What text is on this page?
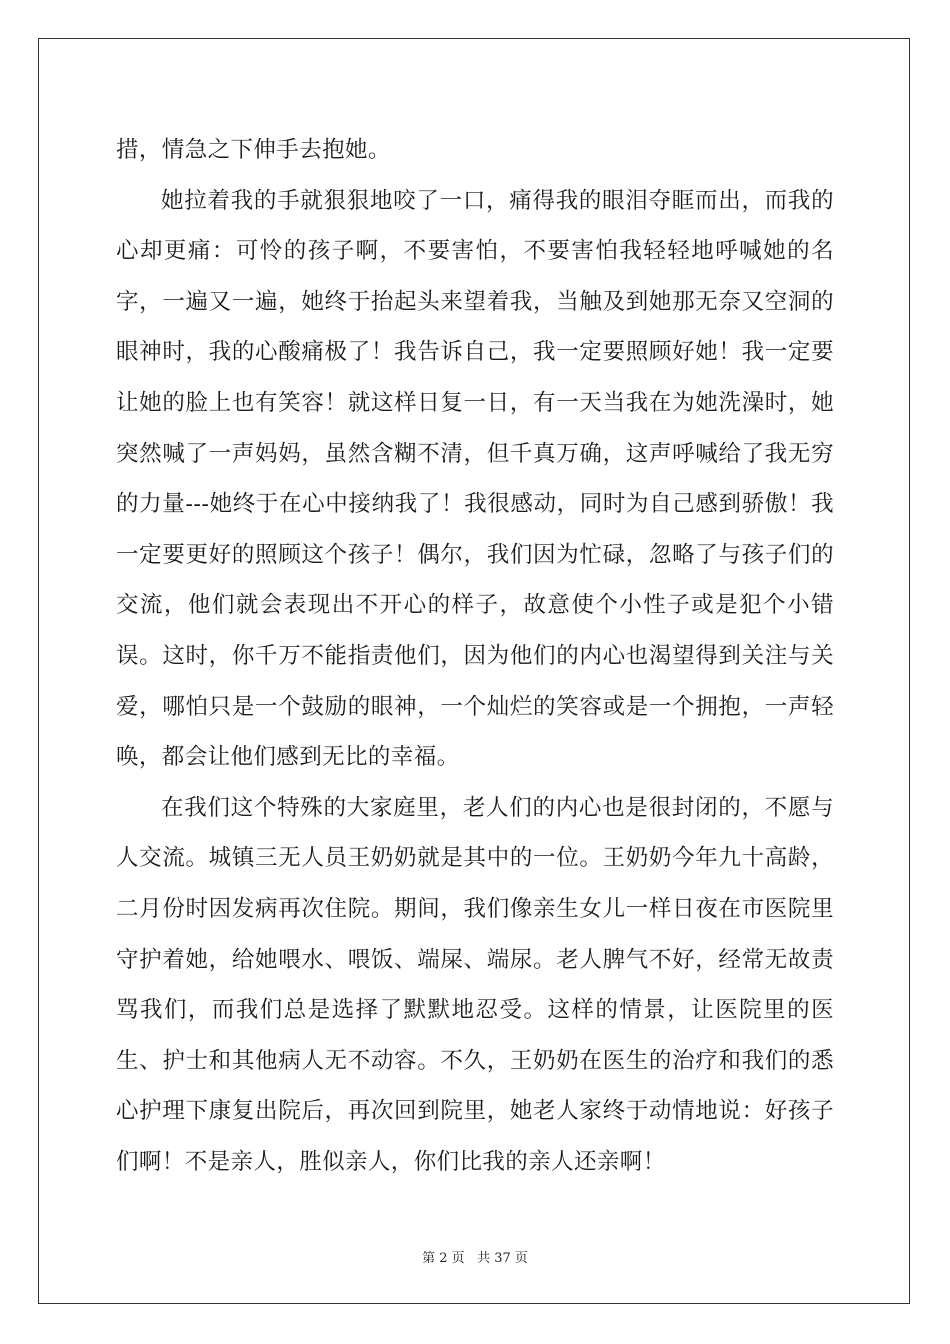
措，情急之下伸手去抱她。

她拉着我的手就狠狠地咬了一口，痛得我的眼泪夺眶而出，而我的心却更痛：可怜的孩子啊，不要害怕，不要害怕我轻轻地呼喊她的名字，一遍又一遍，她终于抬起头来望着我，当触及到她那无奈又空洞的眼神时，我的心酸痛极了！我告诉自己，我一定要照顾好她！我一定要让她的脸上也有笑容！就这样日复一日，有一天当我在为她洗澡时，她突然喊了一声妈妈，虽然含糊不清，但千真万确，这声呼喊给了我无穷的力量---她终于在心中接纳我了！我很感动，同时为自己感到骄傲！我一定要更好的照顾这个孩子！偶尔，我们因为忙碌，忽略了与孩子们的交流，他们就会表现出不开心的样子，故意使个小性子或是犯个小错误。这时，你千万不能指责他们，因为他们的内心也渴望得到关注与关爱，哪怕只是一个鼓励的眼神，一个灿烂的笑容或是一个拥抱，一声轻唤，都会让他们感到无比的幸福。

在我们这个特殊的大家庭里，老人们的内心也是很封闭的，不愿与人交流。城镇三无人员王奶奶就是其中的一位。王奶奶今年九十高龄，二月份时因发病再次住院。期间，我们像亲生女儿一样日夜在市医院里守护着她，给她喂水、喂饭、端屎、端尿。老人脾气不好，经常无故责骂我们，而我们总是选择了默默地忍受。这样的情景，让医院里的医生、护士和其他病人无不动容。不久，王奶奶在医生的治疗和我们的悉心护理下康复出院后，再次回到院里，她老人家终于动情地说：好孩子们啊！不是亲人，胜似亲人，你们比我的亲人还亲啊！

第 2 页 共 37 页
